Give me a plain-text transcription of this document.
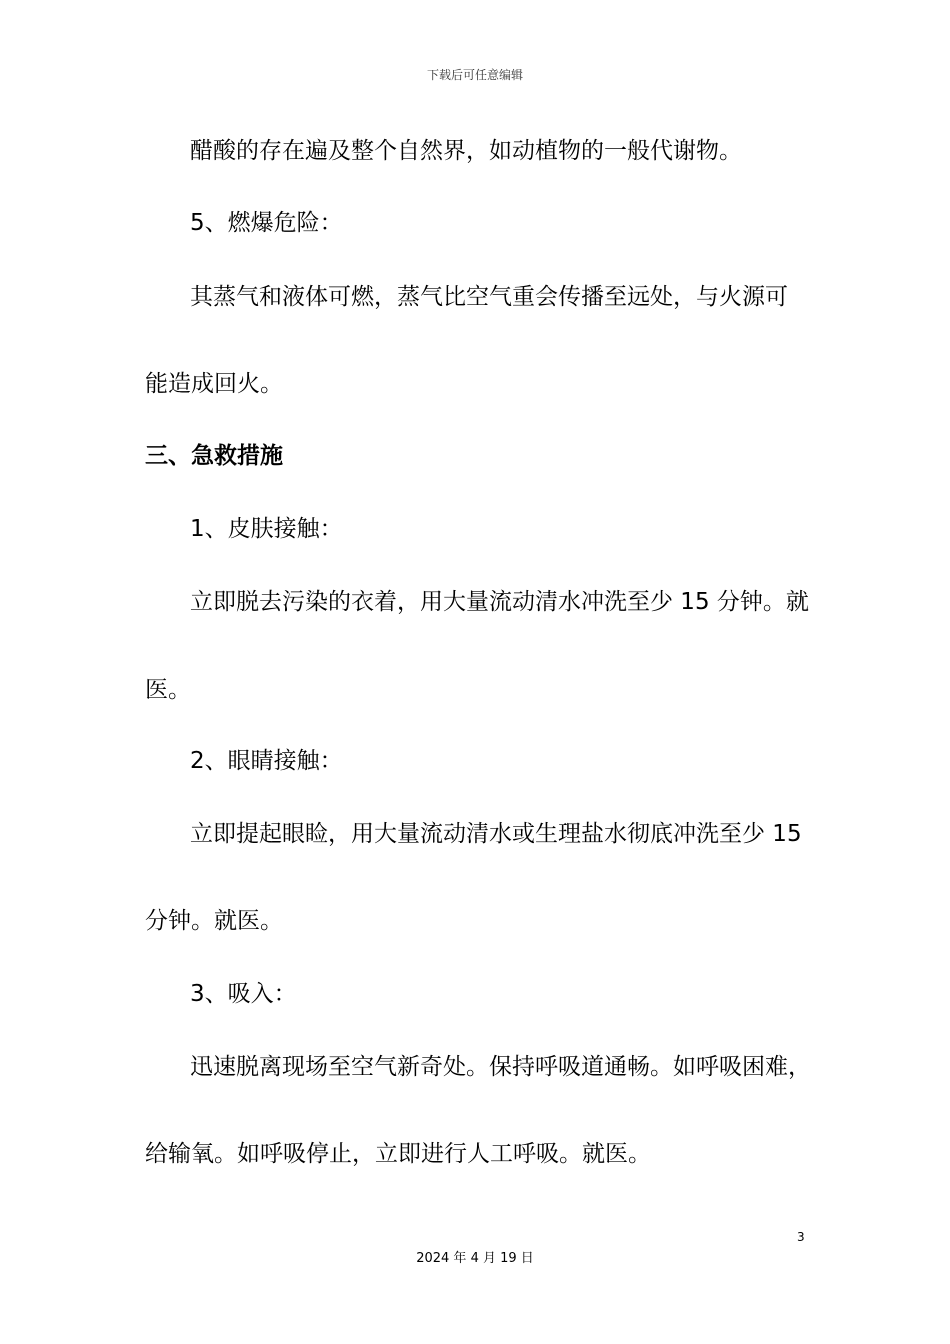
下载后可任意编辑
醋酸的存在遍及整个自然界，如动植物的一般代谢物。
5、燃爆危险：
其蒸气和液体可燃，蒸气比空气重会传播至远处，与火源可
能造成回火。
三、急救措施
1、皮肤接触：
立即脱去污染的衣着，用大量流动清水冲洗至少 15 分钟。就
医。
2、眼睛接触：
立即提起眼睑，用大量流动清水或生理盐水彻底冲洗至少 15
分钟。就医。
3、吸入：
迅速脱离现场至空气新奇处。保持呼吸道通畅。如呼吸困难，
给输氧。如呼吸停止，立即进行人工呼吸。就医。
3
2024 年 4 月 19 日
